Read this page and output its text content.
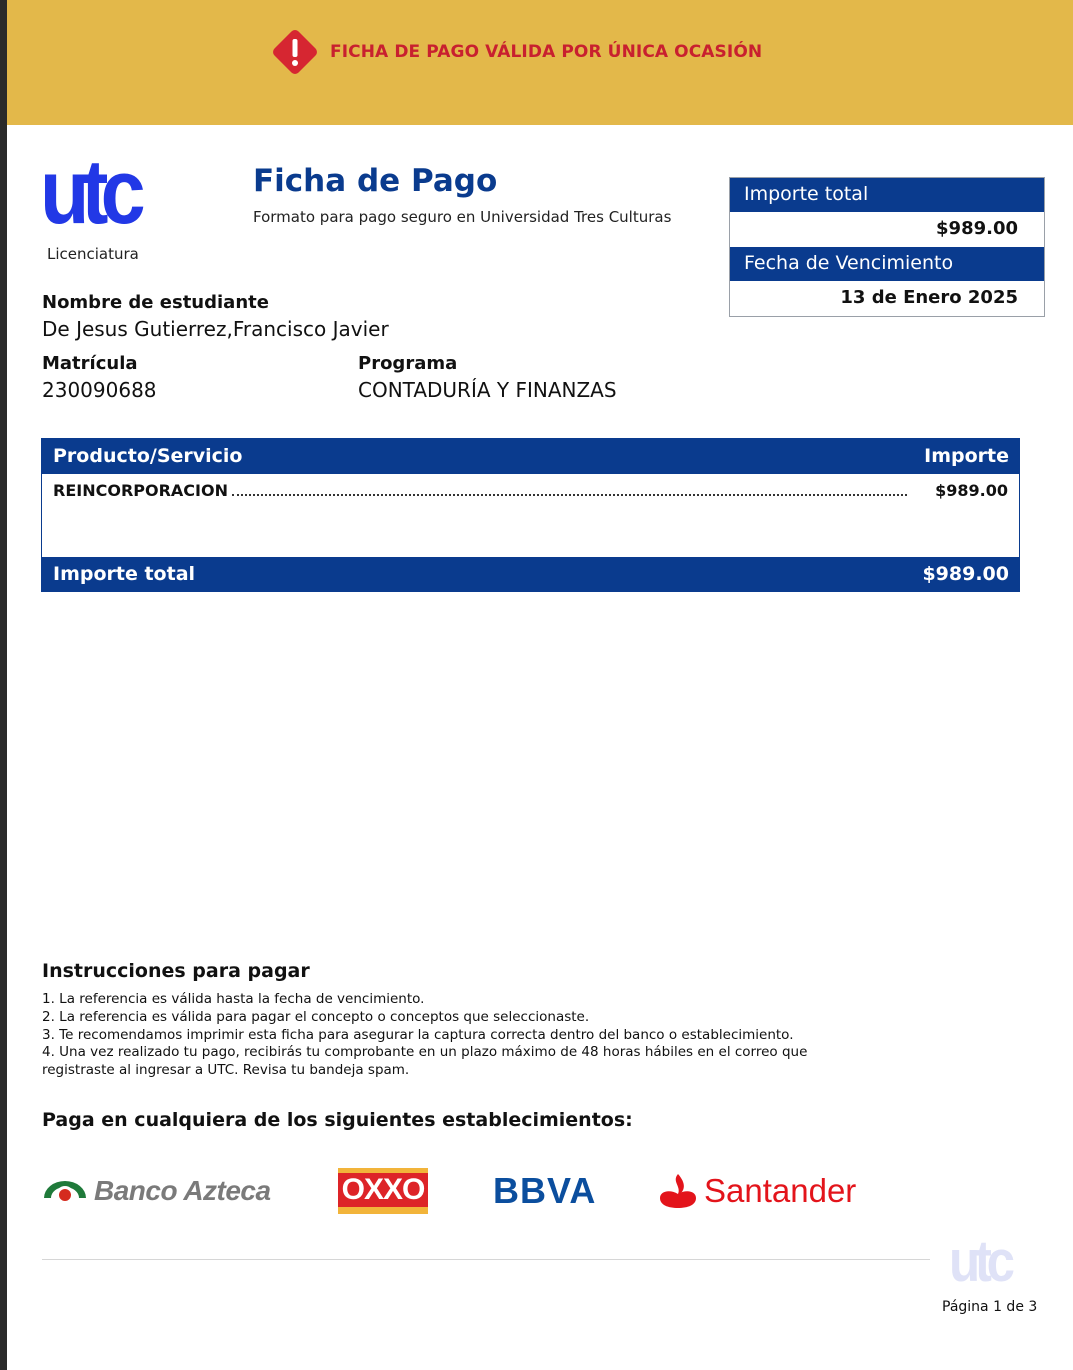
FICHA DE PAGO VÁLIDA POR ÚNICA OCASIÓN
utc
Licenciatura
Ficha de Pago
Formato para pago seguro en Universidad Tres Culturas
Importe total
$989.00
Fecha de Vencimiento
13 de Enero 2025
Nombre de estudiante
De Jesus Gutierrez,Francisco Javier
Matrícula
230090688
Programa
CONTADURÍA Y FINANZAS
Producto/Servicio	Importe
REINCORPORACION	$989.00
Importe total	$989.00
Instrucciones para pagar
1. La referencia es válida hasta la fecha de vencimiento.
2. La referencia es válida para pagar el concepto o conceptos que seleccionaste.
3. Te recomendamos imprimir esta ficha para asegurar la captura correcta dentro del banco o establecimiento.
4. Una vez realizado tu pago, recibirás tu comprobante en un plazo máximo de 48 horas hábiles en el correo que registraste al ingresar a UTC. Revisa tu bandeja spam.
Paga en cualquiera de los siguientes establecimientos:
Banco Azteca OXXO BBVA	Santander
utc
Página 1 de 3
